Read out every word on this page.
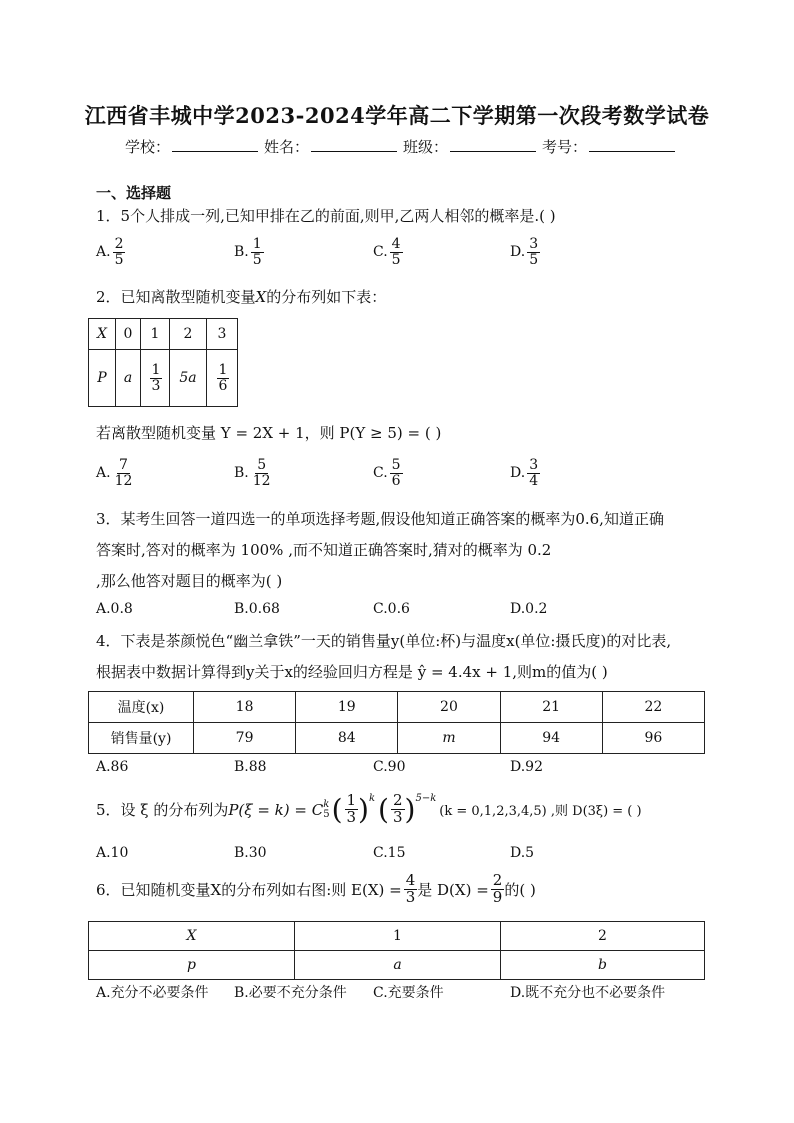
江西省丰城中学2023-2024学年高二下学期第一次段考数学试卷
学校：	姓名：	班级：	考号：
一、选择题
1．5个人排成一列,已知甲排在乙的前面,则甲,乙两人相邻的概率是.( )
A. $\frac{2}{5}$	B. $\frac{1}{5}$	C. $\frac{4}{5}$	D. $\frac{3}{5}$
2．已知离散型随机变量X的分布列如下表：
X	0	1	2	3
P	a	$\frac{1}{3}$	5a	$\frac{1}{6}$
若离散型随机变量 Y = 2X + 1，则 P(Y ≥ 5) = ( )
A. $\frac{7}{12}$	B. $\frac{5}{12}$	C. $\frac{5}{6}$	D. $\frac{3}{4}$
3．某考生回答一道四选一的单项选择考题,假设他知道正确答案的概率为0.6,知道正确
答案时,答对的概率为 100% ,而不知道正确答案时,猜对的概率为 0.2
,那么他答对题目的概率为( )
A.0.8	B.0.68	C.0.6	D.0.2
4．下表是茶颜悦色“幽兰拿铁”一天的销售量y(单位:杯)与温度x(单位:摄氏度)的对比表,
根据表中数据计算得到y关于x的经验回归方程是 ŷ = 4.4x + 1,则m的值为( )
温度(x)	18	19	20	21	22
销售量(y)	79	84	m	94	96
A.86	B.88	C.90	D.92
5．设 ξ 的分布列为 P(ξ = k) = C k
5 ( $\frac{1}{3}$ ) k ( $\frac{2}{3}$ ) 5−k
(k = 0,1,2,3,4,5) ,则 D(3ξ) = ( )
A.10	B.30	C.15	D.5
6．已知随机变量X的分布列如右图:则 $E(X) = \frac{4}{3}$ 是 $D(X) = \frac{2}{9}$ 的( )
X	1	2
p	a	b
A.充分不必要条件 B.必要不充分条件 C.充要条件	D.既不充分也不必要条件
